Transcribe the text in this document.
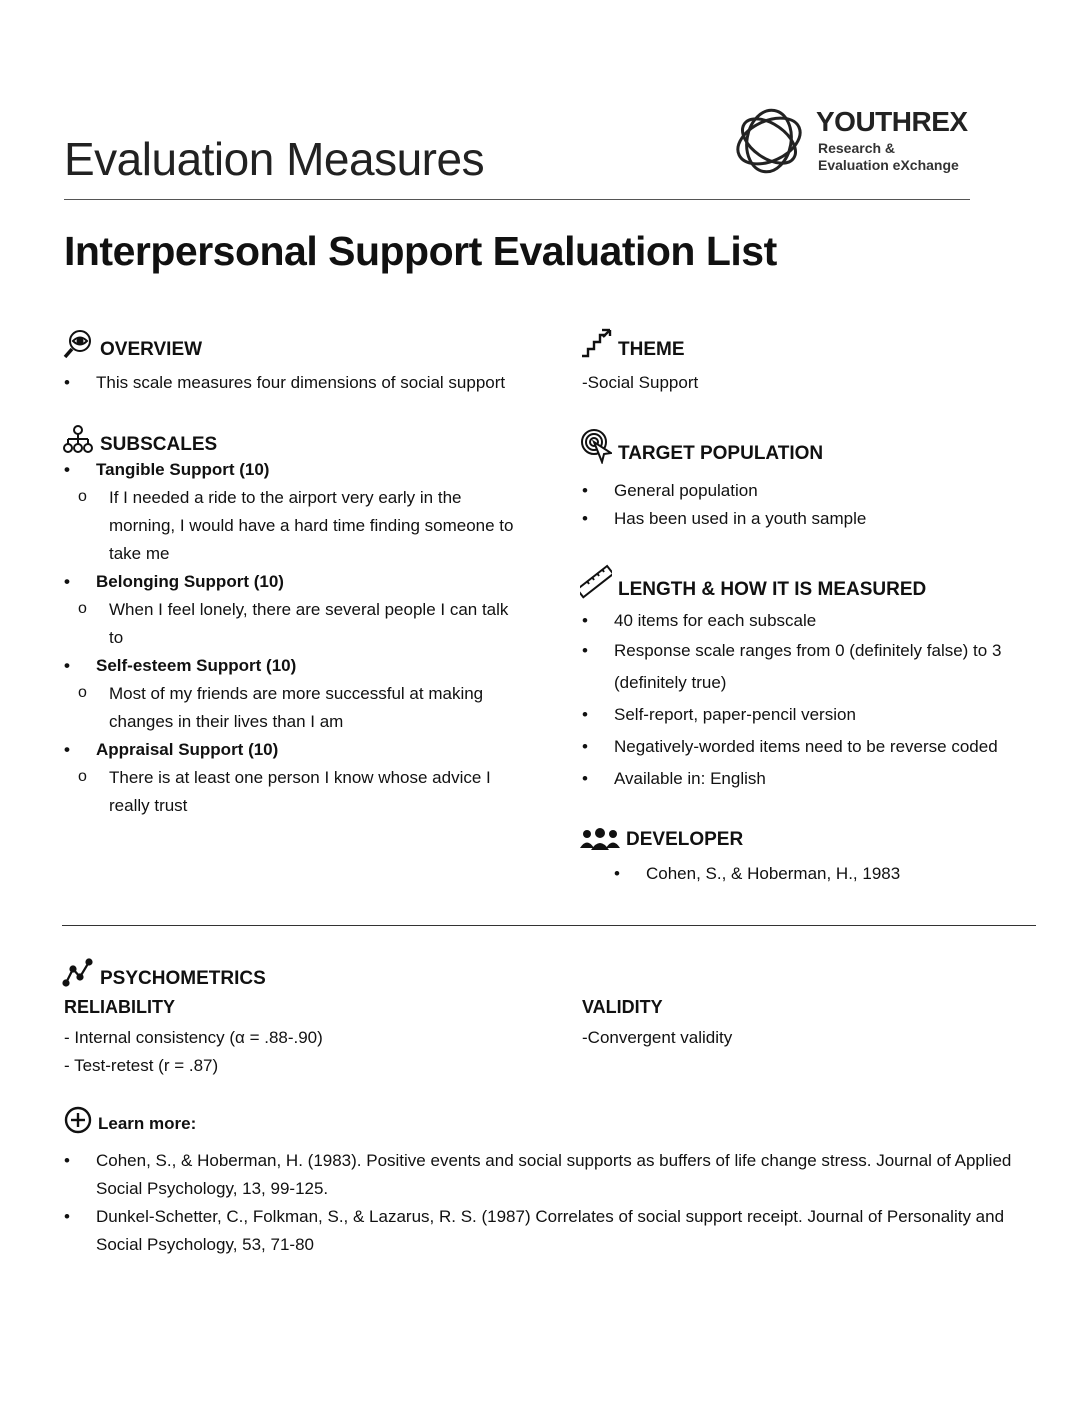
Evaluation Measures
YOUTHREX
Research &
Evaluation eXchange
Interpersonal Support Evaluation List
OVERVIEW
• This scale measures four dimensions of social support
SUBSCALES
• Tangible Support (10)
o If I needed a ride to the airport very early in the
morning, I would have a hard time finding someone to
take me
• Belonging Support (10)
o When I feel lonely, there are several people I can talk
to
• Self-esteem Support (10)
o Most of my friends are more successful at making
changes in their lives than I am
• Appraisal Support (10)
o There is at least one person I know whose advice I
really trust
THEME
-Social Support
TARGET POPULATION
• General population
• Has been used in a youth sample
LENGTH & HOW IT IS MEASURED
• 40 items for each subscale
• Response scale ranges from 0 (definitely false) to 3
(definitely true)
• Self-report, paper-pencil version
• Negatively-worded items need to be reverse coded
• Available in: English
DEVELOPER
• Cohen, S., & Hoberman, H., 1983
PSYCHOMETRICS
RELIABILITY
- Internal consistency (α = .88-.90)
- Test-retest (r = .87)
VALIDITY
-Convergent validity
Learn more:
• Cohen, S., & Hoberman, H. (1983). Positive events and social supports as buffers of life change stress. Journal of Applied
Social Psychology, 13, 99-125.
• Dunkel-Schetter, C., Folkman, S., & Lazarus, R. S. (1987) Correlates of social support receipt. Journal of Personality and
Social Psychology, 53, 71-80
